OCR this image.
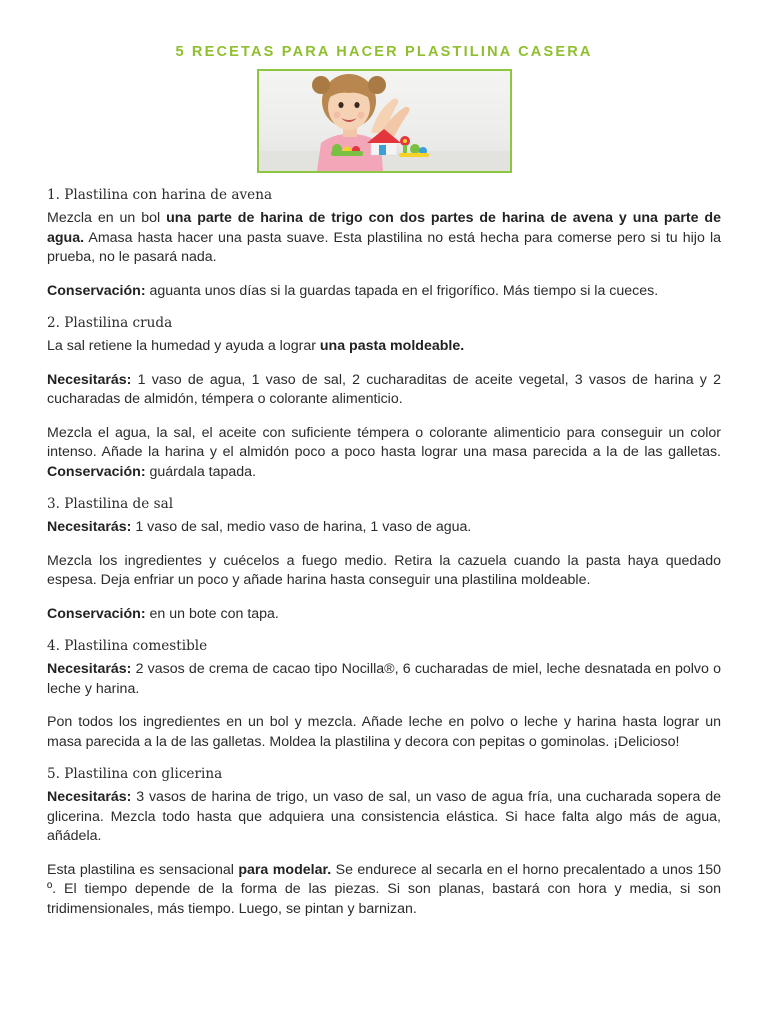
5 RECETAS PARA HACER PLASTILINA CASERA
1. Plastilina con harina de avena

Mezcla en un bol una parte de harina de trigo con dos partes de harina de avena y una parte de agua. Amasa hasta hacer una pasta suave. Esta plastilina no está hecha para comerse pero si tu hijo la prueba, no le pasará nada.

Conservación: aguanta unos días si la guardas tapada en el frigorífico. Más tiempo si la cueces.

2. Plastilina cruda

La sal retiene la humedad y ayuda a lograr una pasta moldeable.

Necesitarás: 1 vaso de agua, 1 vaso de sal, 2 cucharaditas de aceite vegetal, 3 vasos de harina y 2 cucharadas de almidón, témpera o colorante alimenticio.

Mezcla el agua, la sal, el aceite con suficiente témpera o colorante alimenticio para conseguir un color intenso. Añade la harina y el almidón poco a poco hasta lograr una masa parecida a la de las galletas. Conservación: guárdala tapada.

3. Plastilina de sal

Necesitarás: 1 vaso de sal, medio vaso de harina, 1 vaso de agua.

Mezcla los ingredientes y cuécelos a fuego medio. Retira la cazuela cuando la pasta haya quedado espesa. Deja enfriar un poco y añade harina hasta conseguir una plastilina moldeable.

Conservación: en un bote con tapa.

4. Plastilina comestible

Necesitarás: 2 vasos de crema de cacao tipo Nocilla®, 6 cucharadas de miel, leche desnatada en polvo o leche y harina.

Pon todos los ingredientes en un bol y mezcla. Añade leche en polvo o leche y harina hasta lograr un masa parecida a la de las galletas. Moldea la plastilina y decora con pepitas o gominolas. ¡Delicioso!

5. Plastilina con glicerina

Necesitarás: 3 vasos de harina de trigo, un vaso de sal, un vaso de agua fría, una cucharada sopera de glicerina. Mezcla todo hasta que adquiera una consistencia elástica. Si hace falta algo más de agua, añádela.

Esta plastilina es sensacional para modelar. Se endurece al secarla en el horno precalentado a unos 150 º. El tiempo depende de la forma de las piezas. Si son planas, bastará con hora y media, si son tridimensionales, más tiempo. Luego, se pintan y barnizan.
